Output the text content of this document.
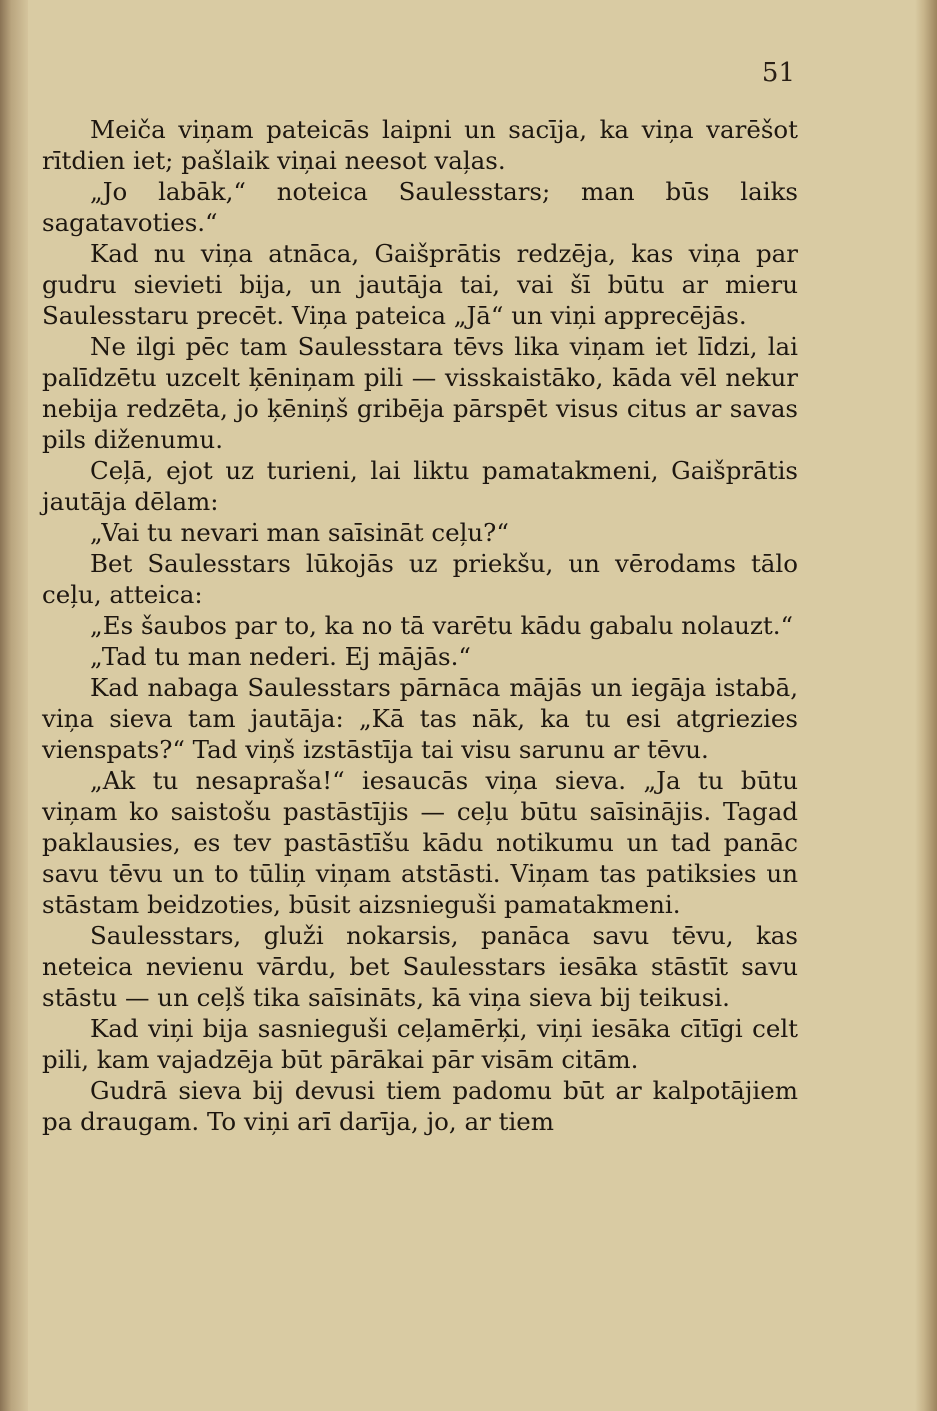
51

Meiča viņam pateicās laipni un sacīja, ka viņa varēšot rītdien iet; pašlaik viņai neesot vaļas.

„Jo labāk,“ noteica Saulesstars; man būs laiks sagatavoties.“

Kad nu viņa atnāca, Gaišprātis redzēja, kas viņa par gudru sievieti bija, un jautāja tai, vai šī būtu ar mieru Saulesstaru precēt. Viņa pateica „Jā“ un viņi apprecējās.

Ne ilgi pēc tam Saulesstara tēvs lika viņam iet līdzi, lai palīdzētu uzcelt ķēniņam pili — visskaistāko, kāda vēl nekur nebija redzēta, jo ķēniņš gribēja pārspēt visus citus ar savas pils diženumu.

Ceļā, ejot uz turieni, lai liktu pamatakmeni, Gaišprātis jautāja dēlam:

„Vai tu nevari man saīsināt ceļu?“

Bet Saulesstars lūkojās uz priekšu, un vērodams tālo ceļu, atteica:

„Es šaubos par to, ka no tā varētu kādu gabalu nolauzt.“

„Tad tu man nederi. Ej mājās.“

Kad nabaga Saulesstars pārnāca mājās un iegāja istabā, viņa sieva tam jautāja: „Kā tas nāk, ka tu esi atgriezies vienspats?“ Tad viņš izstāstīja tai visu sarunu ar tēvu.

„Ak tu nesapraša!“ iesaucās viņa sieva. „Ja tu būtu viņam ko saistošu pastāstījis — ceļu būtu saīsinājis. Tagad paklausies, es tev pastāstīšu kādu notikumu un tad panāc savu tēvu un to tūliņ viņam atstāsti. Viņam tas patiksies un stāstam beidzoties, būsit aizsnieguši pamatakmeni.

Saulesstars, gluži nokarsis, panāca savu tēvu, kas neteica nevienu vārdu, bet Saulesstars iesāka stāstīt savu stāstu — un ceļš tika saīsināts, kā viņa sieva bij teikusi.

Kad viņi bija sasnieguši ceļamērķi, viņi iesāka cītīgi celt pili, kam vajadzēja būt pārākai pār visām citām.

Gudrā sieva bij devusi tiem padomu būt ar kalpotājiem pa draugam. To viņi arī darīja, jo, ar tiem
